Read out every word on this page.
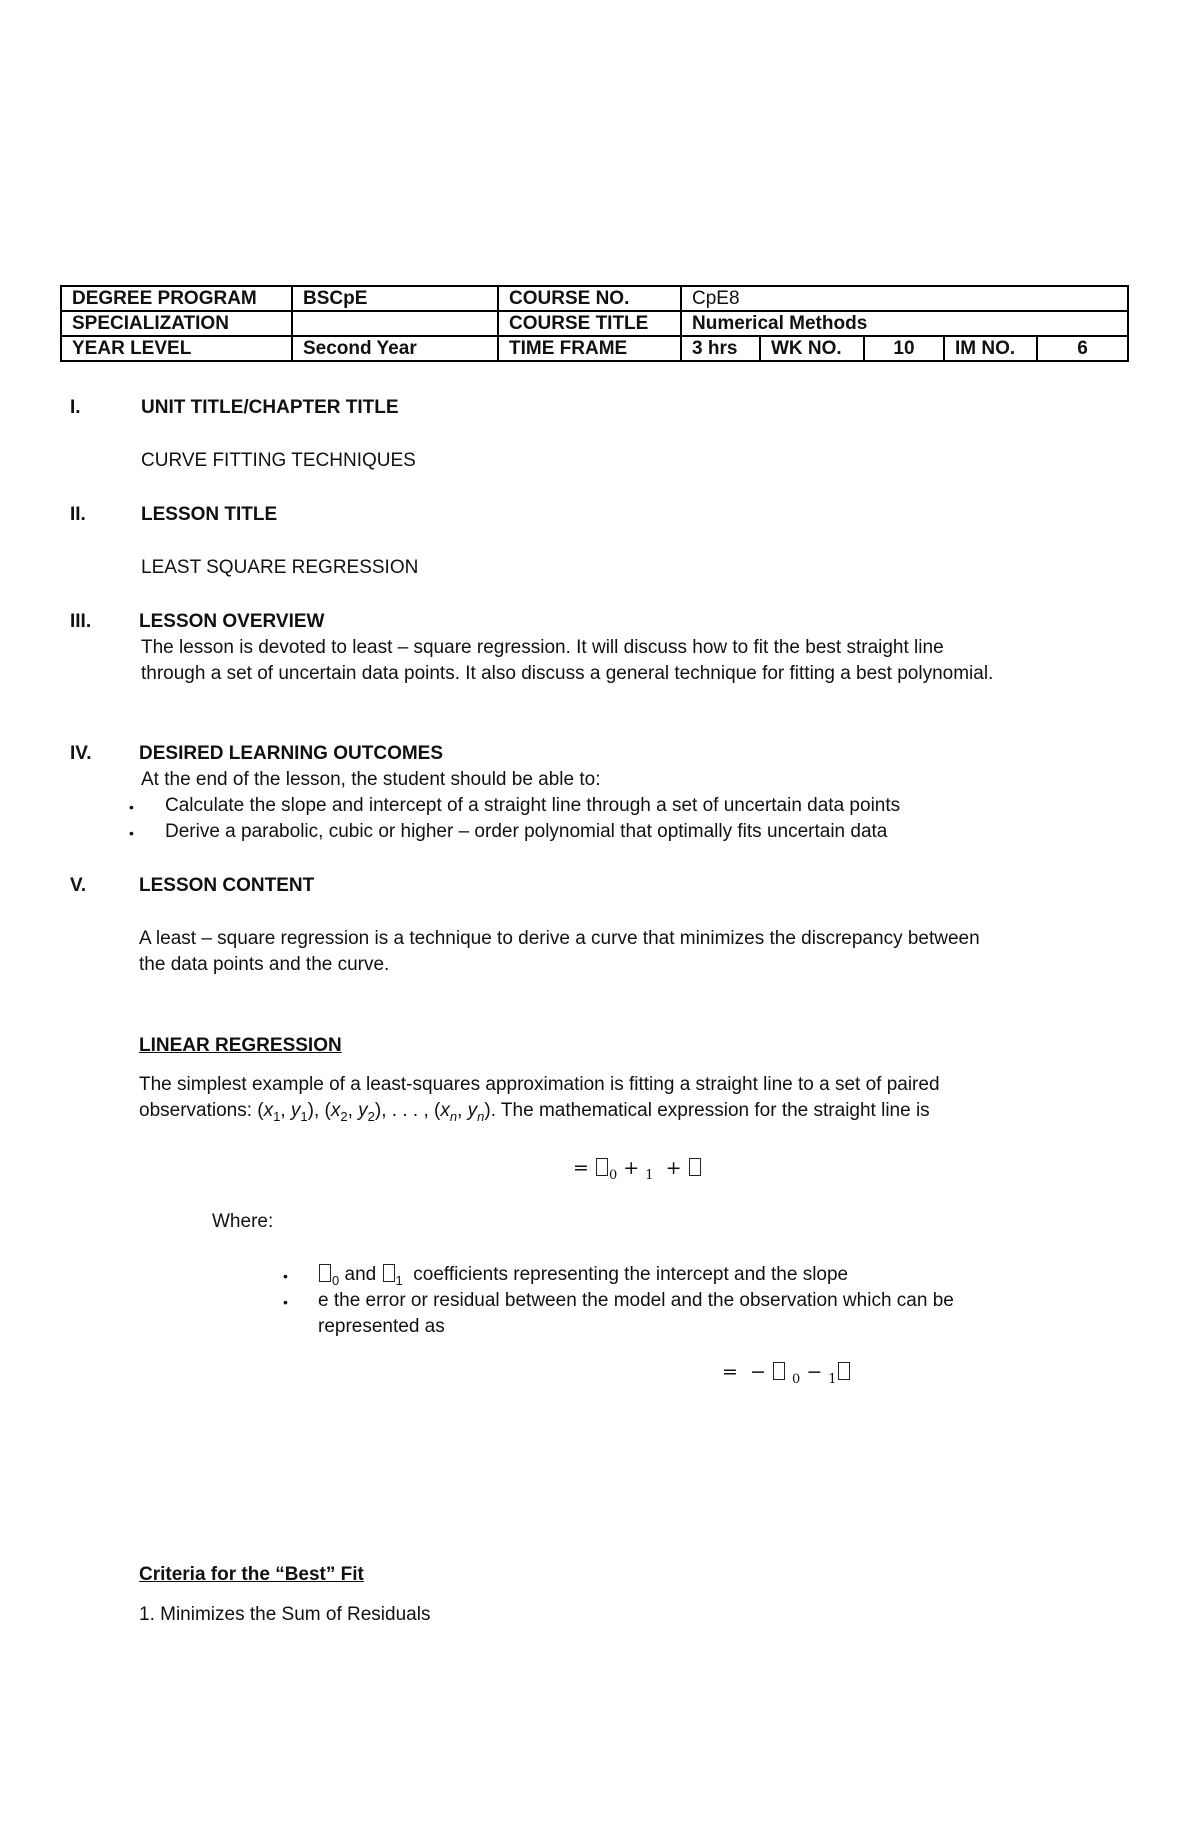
DEGREE PROGRAM	BSCpE	COURSE NO.	CpE8				
SPECIALIZATION		COURSE TITLE	Numerical Methods				
YEAR LEVEL	Second Year	TIME FRAME	3 hrs	WK NO.	10	IM NO.	6
I.	UNIT TITLE/CHAPTER TITLE
CURVE FITTING TECHNIQUES
II.	LESSON TITLE
LEAST SQUARE REGRESSION
III.	LESSON OVERVIEW
The lesson is devoted to least – square regression. It will discuss how to fit the best straight line
through a set of uncertain data points. It also discuss a general technique for fitting a best polynomial.
IV.	DESIRED LEARNING OUTCOMES
At the end of the lesson, the student should be able to:
• Calculate the slope and intercept of a straight line through a set of uncertain data points
• Derive a parabolic, cubic or higher – order polynomial that optimally fits uncertain data
V.	LESSON CONTENT
A least – square regression is a technique to derive a curve that minimizes the discrepancy between
the data points and the curve.
LINEAR REGRESSION
The simplest example of a least-squares approximation is fitting a straight line to a set of paired
observations: ($x_1$, $y_1$), ($x_2$, $y_2$), . . . , ($x_n$, $y_n$). The mathematical expression for the straight line is
= $_0$ + $_1$  +
Where:
•	$_0$ and $_1$ coefficients representing the intercept and the slope
• e the error or residual between the model and the observation which can be
represented as
=  −  $_0$ − $_1$
Criteria for the “Best” Fit
1. Minimizes the Sum of Residuals
